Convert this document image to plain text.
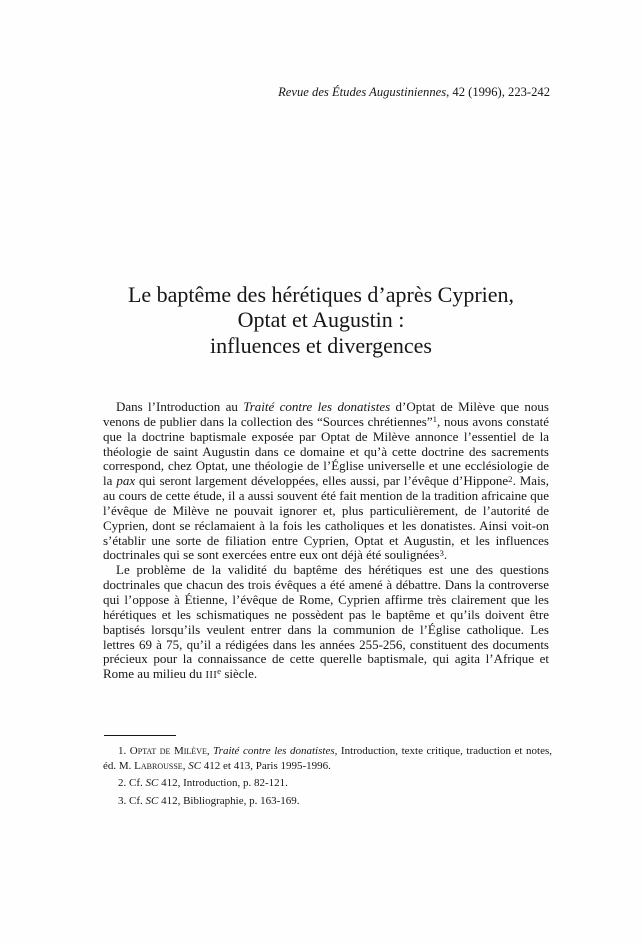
Revue des Études Augustiniennes, 42 (1996), 223-242
Le baptême des hérétiques d’après Cyprien,
Optat et Augustin :
influences et divergences

Dans l’Introduction au Traité contre les donatistes d’Optat de Milève que nous venons de publier dans la collection des “Sources chrétiennes”$^1$, nous avons constaté que la doctrine baptismale exposée par Optat de Milève annonce l’essentiel de la théologie de saint Augustin dans ce domaine et qu’à cette doctrine des sacrements correspond, chez Optat, une théologie de l’Église universelle et une ecclésiologie de la pax qui seront largement développées, elles aussi, par l’évêque d’Hippone$^2$. Mais, au cours de cette étude, il a aussi souvent été fait mention de la tradition africaine que l’évêque de Milève ne pouvait ignorer et, plus particulièrement, de l’autorité de Cyprien, dont se réclamaient à la fois les catholiques et les donatistes. Ainsi voit-on s’établir une sorte de filiation entre Cyprien, Optat et Augustin, et les influences doctrinales qui se sont exercées entre eux ont déjà été soulignées$^3$.

Le problème de la validité du baptême des hérétiques est une des questions doctrinales que chacun des trois évêques a été amené à débattre. Dans la controverse qui l’oppose à Étienne, l’évêque de Rome, Cyprien affirme très clairement que les hérétiques et les schismatiques ne possèdent pas le baptême et qu’ils doivent être baptisés lorsqu’ils veulent entrer dans la communion de l’Église catholique. Les lettres 69 à 75, qu’il a rédigées dans les années 255-256, constituent des documents précieux pour la connaissance de cette querelle baptismale, qui agita l’Afrique et Rome au milieu du IIIe siècle.

1. Optat de Milève, Traité contre les donatistes, Introduction, texte critique, traduction et notes, éd. M. Labrousse, SC 412 et 413, Paris 1995-1996.

2. Cf. SC 412, Introduction, p. 82-121.

3. Cf. SC 412, Bibliographie, p. 163-169.
